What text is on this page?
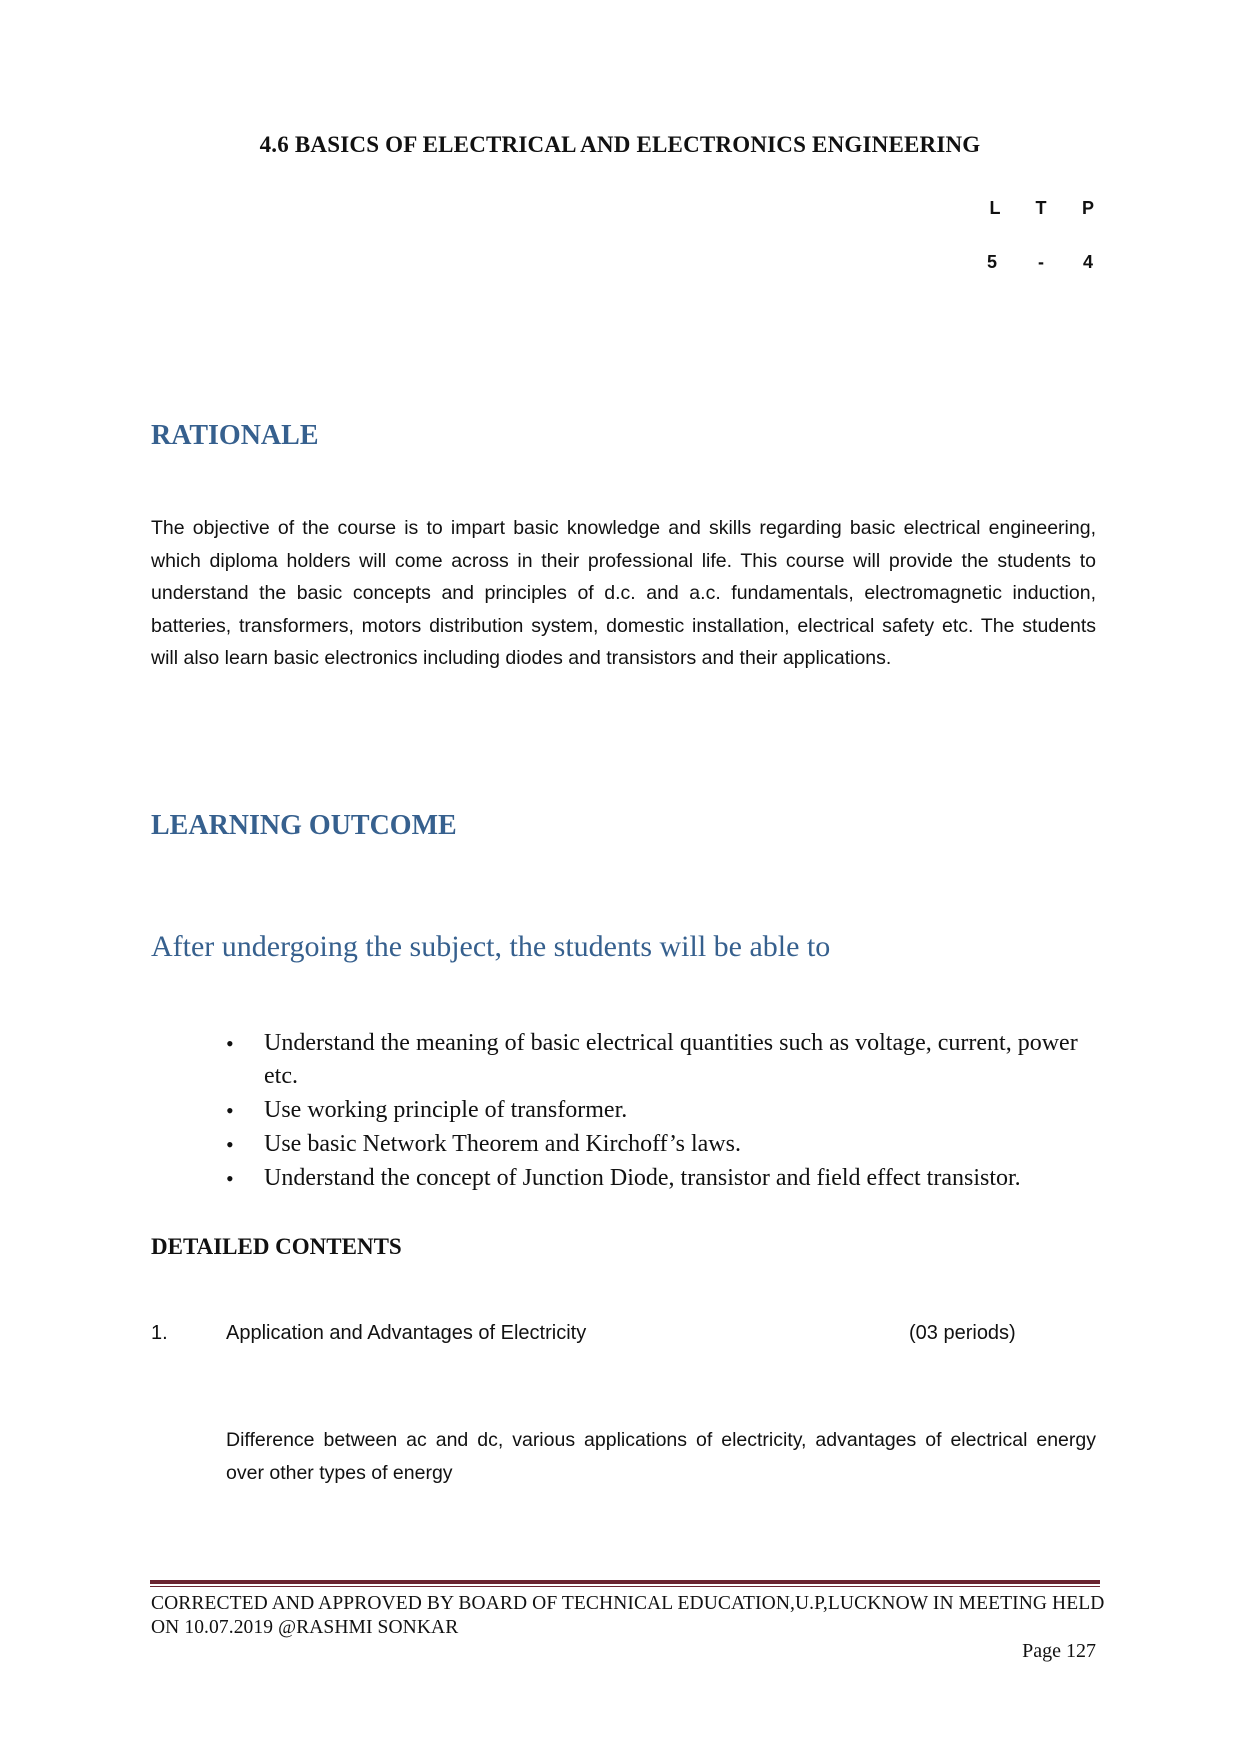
4.6 BASICS OF ELECTRICAL AND ELECTRONICS ENGINEERING
L	T	P
5	-	4
RATIONALE
The objective of the course is to impart basic knowledge and skills regarding basic electrical engineering, which diploma holders will come across in their professional life. This course will provide the students to understand the basic concepts and principles of d.c. and a.c. fundamentals, electromagnetic induction, batteries, transformers, motors distribution system, domestic installation, electrical safety etc. The students will also learn basic electronics including diodes and transistors and their applications.
LEARNING OUTCOME
After undergoing the subject, the students will be able to
• Understand the meaning of basic electrical quantities such as voltage, current, power etc.
• Use working principle of transformer.
• Use basic Network Theorem and Kirchoff’s laws.
• Understand the concept of Junction Diode, transistor and field effect transistor.
DETAILED CONTENTS
1.	Application and Advantages of Electricity	(03 periods)
Difference between ac and dc, various applications of electricity, advantages of electrical energy over other types of energy
CORRECTED AND APPROVED BY BOARD OF TECHNICAL EDUCATION,U.P,LUCKNOW IN MEETING HELD ON 10.07.2019 @RASHMI SONKAR
Page 127
